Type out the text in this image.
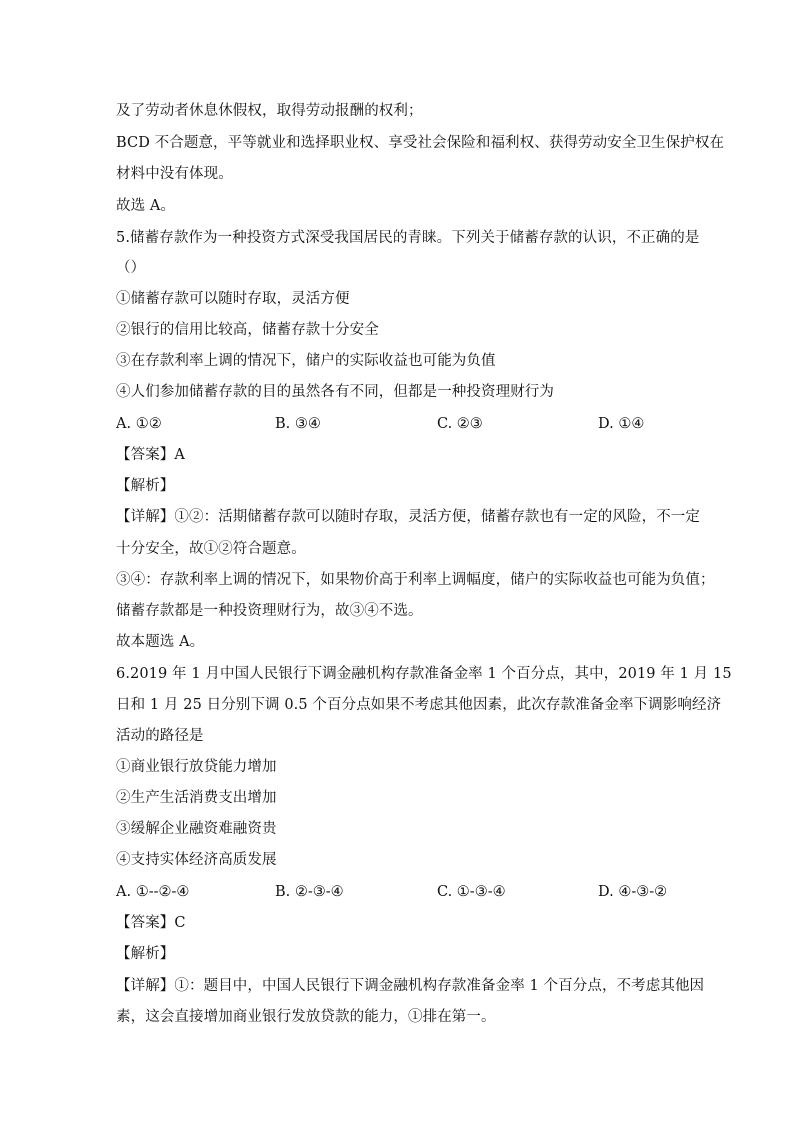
及了劳动者休息休假权，取得劳动报酬的权利；
BCD 不合题意，平等就业和选择职业权、享受社会保险和福利权、获得劳动安全卫生保护权在
材料中没有体现。
故选 A。
5.储蓄存款作为一种投资方式深受我国居民的青睐。下列关于储蓄存款的认识，不正确的是
（）
①储蓄存款可以随时存取，灵活方便
②银行的信用比较高，储蓄存款十分安全
③在存款利率上调的情况下，储户的实际收益也可能为负值
④人们参加储蓄存款的目的虽然各有不同，但都是一种投资理财行为
A. ①②	B. ③④	C. ②③	D. ①④
【答案】A
【解析】
【详解】①②：活期储蓄存款可以随时存取，灵活方便，储蓄存款也有一定的风险，不一定
十分安全，故①②符合题意。
③④：存款利率上调的情况下，如果物价高于利率上调幅度，储户的实际收益也可能为负值；
储蓄存款都是一种投资理财行为，故③④不选。
故本题选 A。
6.2019 年 1 月中国人民银行下调金融机构存款准备金率 1 个百分点，其中，2019 年 1 月 15
日和 1 月 25 日分别下调 0.5 个百分点如果不考虑其他因素，此次存款准备金率下调影响经济
活动的路径是
①商业银行放贷能力增加
②生产生活消费支出增加
③缓解企业融资难融资贵
④支持实体经济高质发展
A. ①--②-④	B. ②-③-④	C. ①-③-④	D. ④-③-②
【答案】C
【解析】
【详解】①：题目中，中国人民银行下调金融机构存款准备金率 1 个百分点，不考虑其他因
素，这会直接增加商业银行发放贷款的能力，①排在第一。
